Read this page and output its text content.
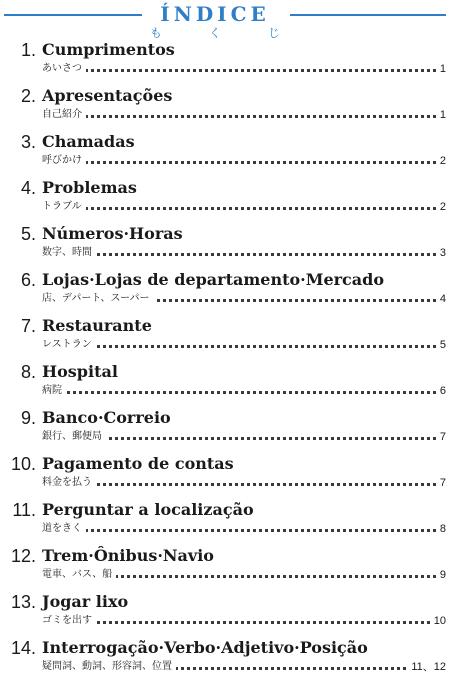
ÍNDICE
も	く	じ
1. Cumprimentos
あいさつ	1
2. Apresentações
自己紹介	1
3. Chamadas
呼びかけ	2
4. Problemas
トラブル	2
5. Números·Horas
数字、時間	3
6. Lojas·Lojas de departamento·Mercado
店、デパート、スーパー	4
7. Restaurante
レストラン	5
8. Hospital
病院	6
9. Banco·Correio
銀行、郵便局	7
10. Pagamento de contas
料金を払う	7
11. Perguntar a localização
道をきく	8
12. Trem·Ônibus·Navio
電車、バス、船	9
13. Jogar lixo
ゴミを出す	10
14. Interrogação·Verbo·Adjetivo·Posição
疑問詞、動詞、形容詞、位置	11、12
